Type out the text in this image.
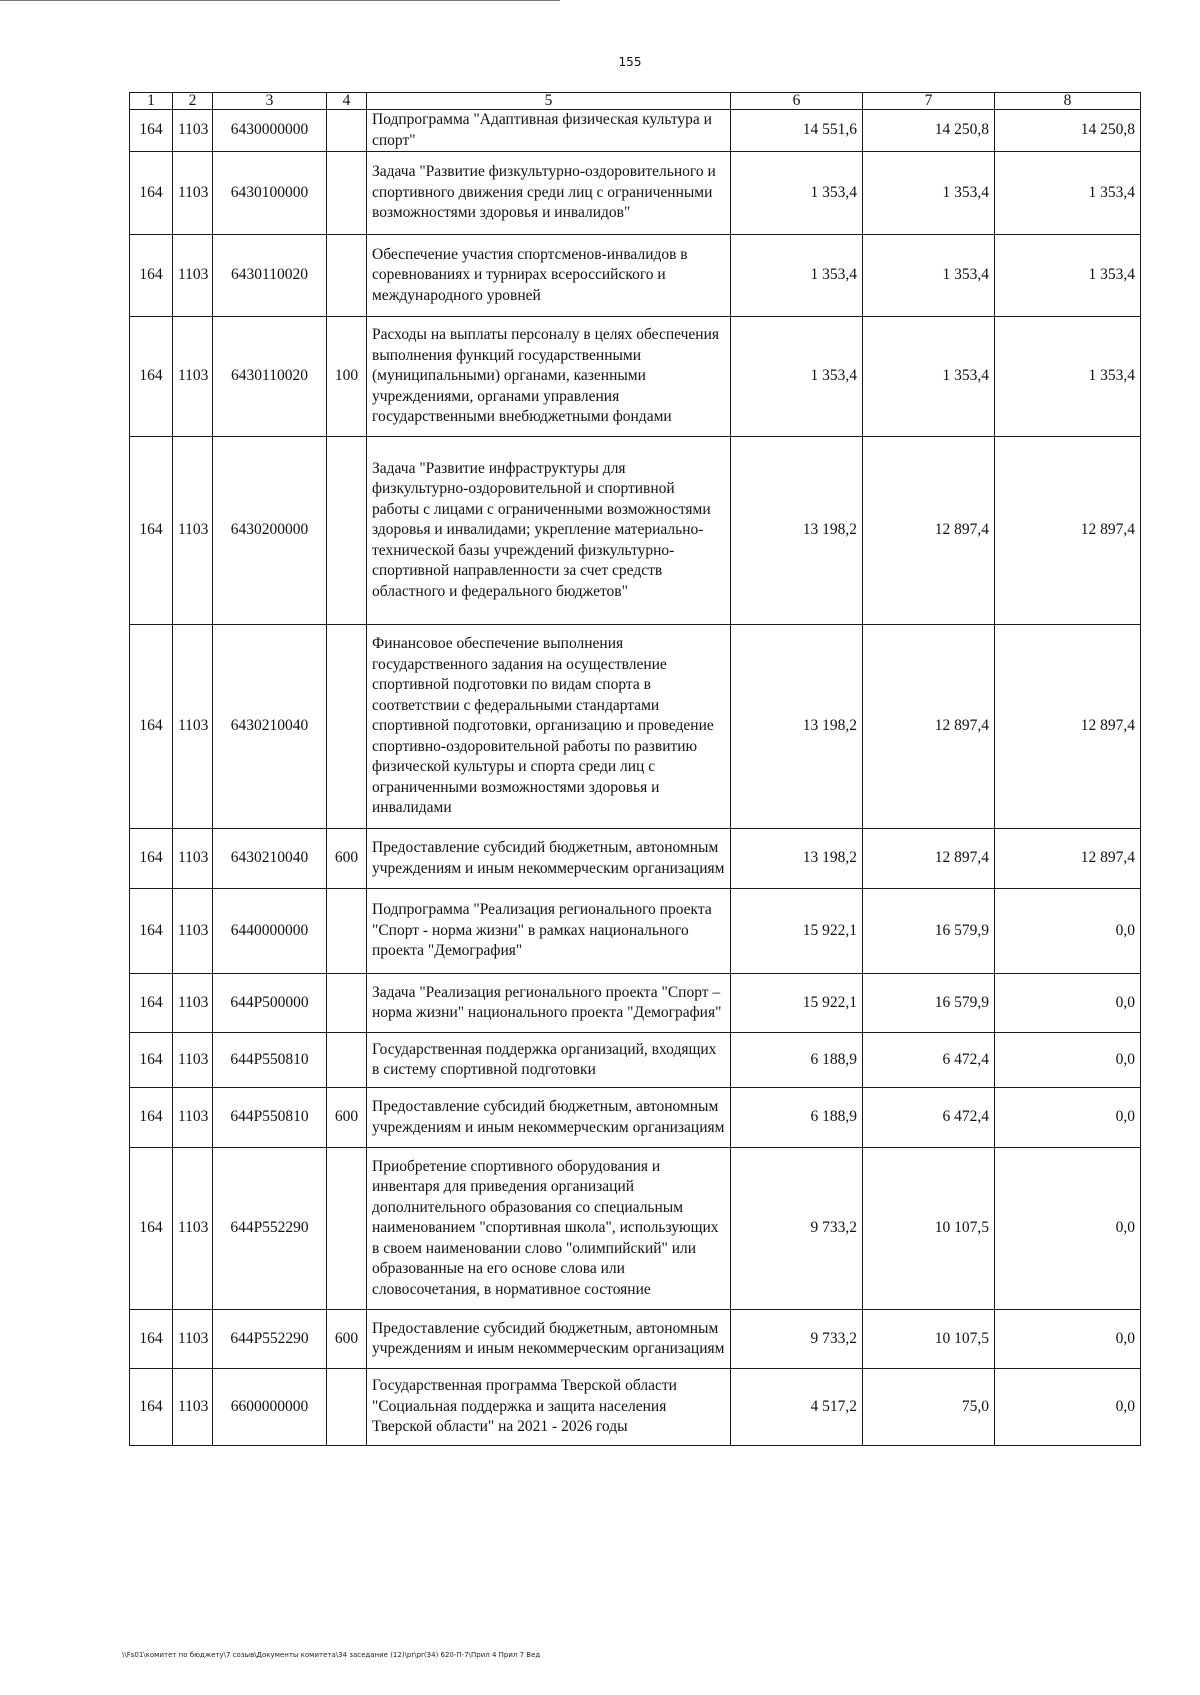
155
1	2	3	4	5	6	7	8
164	1103	6430000000		Подпрограмма "Адаптивная физическая культура и спорт"	14 551,6	14 250,8	14 250,8
164	1103	6430100000		Задача "Развитие физкультурно-оздоровительного и спортивного движения среди лиц с ограниченными возможностями здоровья и инвалидов"	1 353,4	1 353,4	1 353,4
164	1103	6430110020		Обеспечение участия спортсменов-инвалидов в соревнованиях и турнирах всероссийского и международного уровней	1 353,4	1 353,4	1 353,4
164	1103	6430110020	100	Расходы на выплаты персоналу в целях обеспечения выполнения функций государственными (муниципальными) органами, казенными учреждениями, органами управления государственными внебюджетными фондами	1 353,4	1 353,4	1 353,4
164	1103	6430200000		Задача "Развитие инфраструктуры для физкультурно-оздоровительной и спортивной работы с лицами с ограниченными возможностями здоровья и инвалидами; укрепление материально-технической базы учреждений физкультурно-спортивной направленности за счет средств областного и федерального бюджетов"	13 198,2	12 897,4	12 897,4
164	1103	6430210040		Финансовое обеспечение выполнения государственного задания на осуществление спортивной подготовки по видам спорта в соответствии с федеральными стандартами спортивной подготовки, организацию и проведение спортивно-оздоровительной работы по развитию физической культуры и спорта среди лиц с ограниченными возможностями здоровья и инвалидами	13 198,2	12 897,4	12 897,4
164	1103	6430210040	600	Предоставление субсидий бюджетным, автономным учреждениям и иным некоммерческим организациям	13 198,2	12 897,4	12 897,4
164	1103	6440000000		Подпрограмма "Реализация регионального проекта "Спорт - норма жизни" в рамках национального проекта "Демография"	15 922,1	16 579,9	0,0
164	1103	644Р500000		Задача "Реализация регионального проекта "Спорт – норма жизни" национального проекта "Демография"	15 922,1	16 579,9	0,0
164	1103	644Р550810		Государственная поддержка организаций, входящих в систему спортивной подготовки	6 188,9	6 472,4	0,0
164	1103	644Р550810	600	Предоставление субсидий бюджетным, автономным учреждениям и иным некоммерческим организациям	6 188,9	6 472,4	0,0
164	1103	644Р552290		Приобретение спортивного оборудования и инвентаря для приведения организаций дополнительного образования со специальным наименованием "спортивная школа", использующих в своем наименовании слово "олимпийский" или образованные на его основе слова или словосочетания, в нормативное состояние	9 733,2	10 107,5	0,0
164	1103	644Р552290	600	Предоставление субсидий бюджетным, автономным учреждениям и иным некоммерческим организациям	9 733,2	10 107,5	0,0
164	1103	6600000000		Государственная программа Тверской области "Социальная поддержка и защита населения Тверской области" на 2021 - 2026 годы	4 517,2	75,0	0,0
\\Fs01\комитет по бюджету\7 созыв\Документы комитета\34 заседание (12)\pr\pr(34) 620-П-7\Прил 4 Прил 7 Вед
